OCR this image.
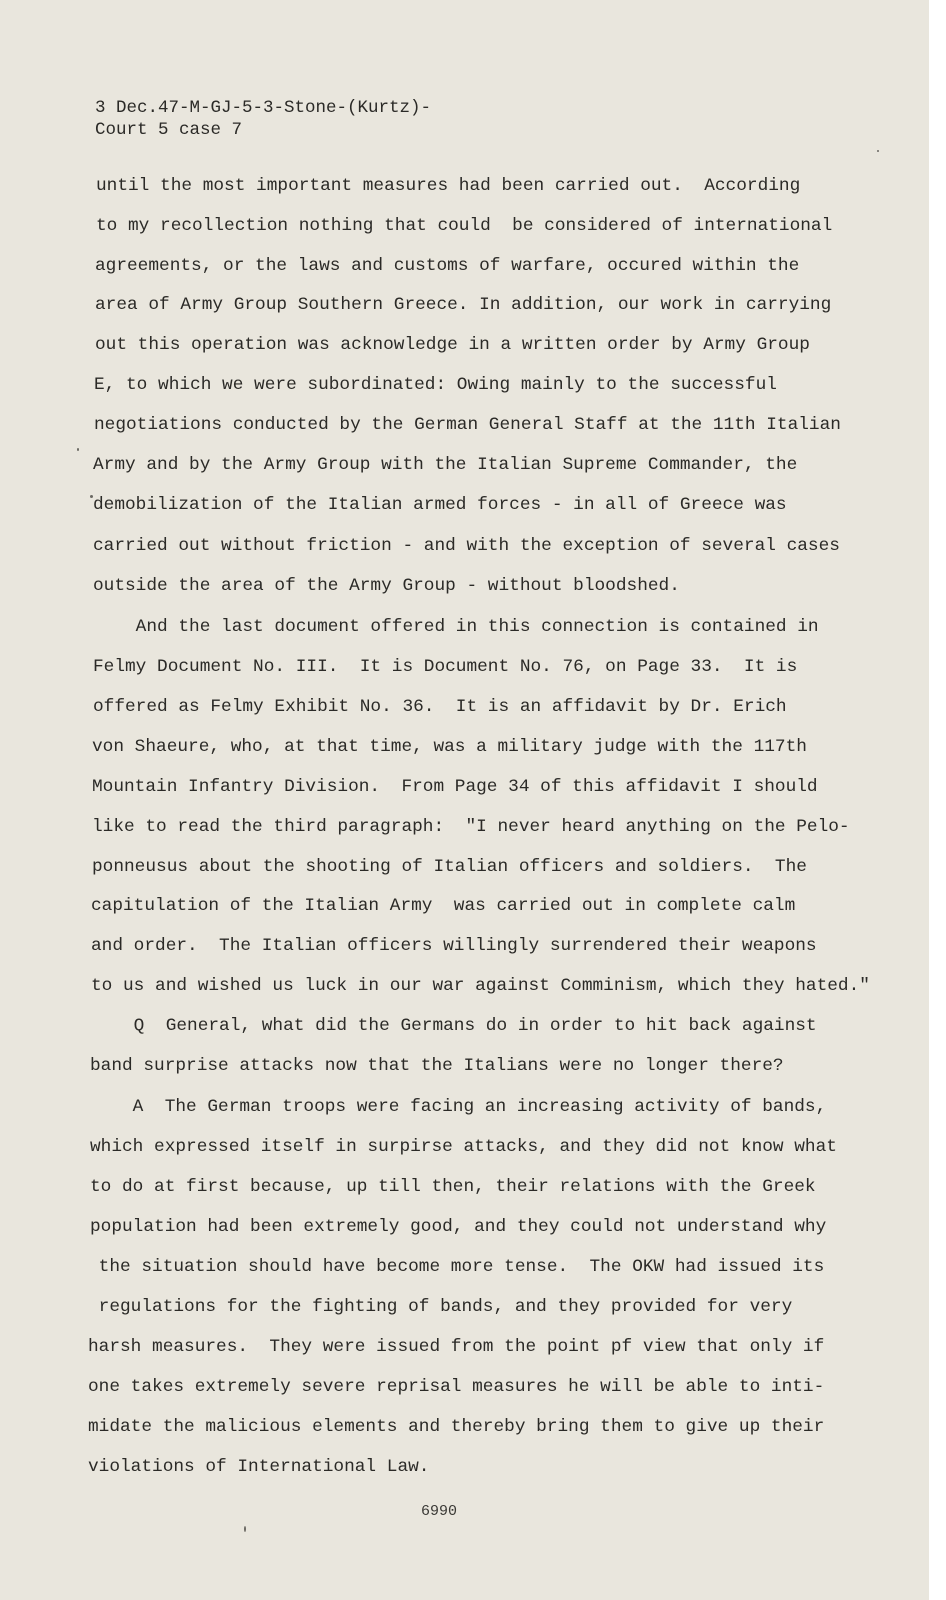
3 Dec.47-M-GJ-5-3-Stone-(Kurtz)-
Court 5 case 7
until the most important measures had been carried out.  According
to my recollection nothing that could  be considered of international
agreements, or the laws and customs of warfare, occured within the
area of Army Group Southern Greece. In addition, our work in carrying
out this operation was acknowledge in a written order by Army Group
E, to which we were subordinated: Owing mainly to the successful
negotiations conducted by the German General Staff at the 11th Italian
Army and by the Army Group with the Italian Supreme Commander, the
demobilization of the Italian armed forces - in all of Greece was
carried out without friction - and with the exception of several cases
outside the area of the Army Group - without bloodshed.
And the last document offered in this connection is contained in
Felmy Document No. III.  It is Document No. 76, on Page 33.  It is
offered as Felmy Exhibit No. 36.  It is an affidavit by Dr. Erich
von Shaeure, who, at that time, was a military judge with the 117th
Mountain Infantry Division.  From Page 34 of this affidavit I should
like to read the third paragraph:  "I never heard anything on the Pelo-
ponneusus about the shooting of Italian officers and soldiers.  The
capitulation of the Italian Army  was carried out in complete calm
and order.  The Italian officers willingly surrendered their weapons
to us and wished us luck in our war against Comminism, which they hated."
Q  General, what did the Germans do in order to hit back against
band surprise attacks now that the Italians were no longer there?
A  The German troops were facing an increasing activity of bands,
which expressed itself in surpirse attacks, and they did not know what
to do at first because, up till then, their relations with the Greek
population had been extremely good, and they could not understand why
the situation should have become more tense.  The OKW had issued its
regulations for the fighting of bands, and they provided for very
harsh measures.  They were issued from the point pf view that only if
one takes extremely severe reprisal measures he will be able to inti-
midate the malicious elements and thereby bring them to give up their
violations of International Law.
6990
